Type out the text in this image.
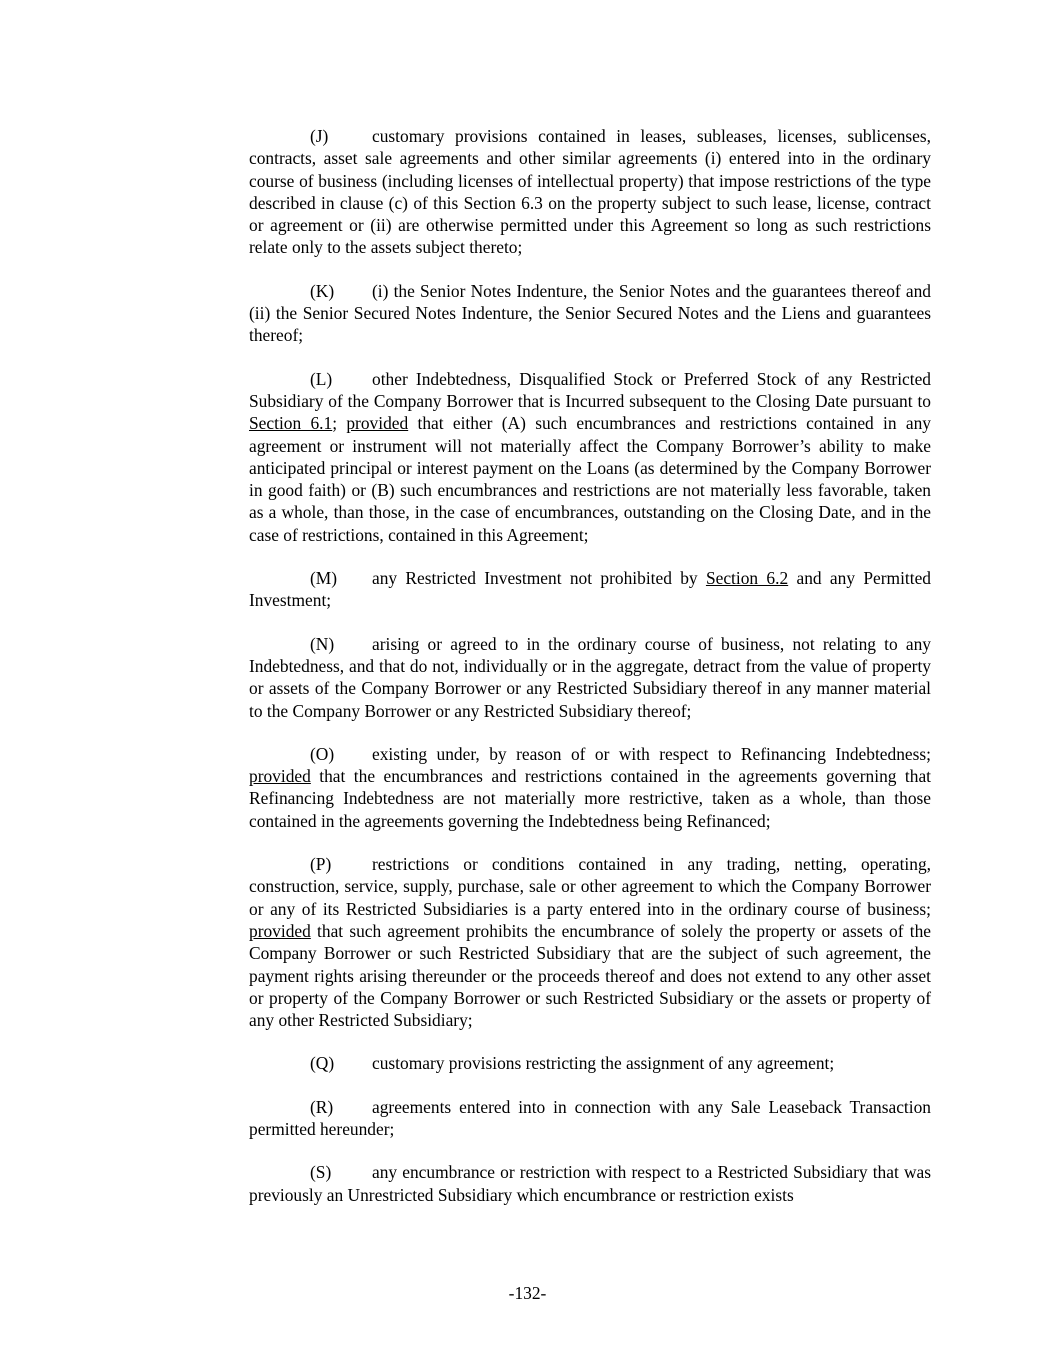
(J)	customary provisions contained in leases, subleases, licenses, sublicenses, contracts, asset sale agreements and other similar agreements (i) entered into in the ordinary course of business (including licenses of intellectual property) that impose restrictions of the type described in clause (c) of this Section 6.3 on the property subject to such lease, license, contract or agreement or (ii) are otherwise permitted under this Agreement so long as such restrictions relate only to the assets subject thereto;

(K) (i) the Senior Notes Indenture, the Senior Notes and the guarantees thereof and (ii) the Senior Secured Notes Indenture, the Senior Secured Notes and the Liens and guarantees thereof;

(L) other Indebtedness, Disqualified Stock or Preferred Stock of any Restricted Subsidiary of the Company Borrower that is Incurred subsequent to the Closing Date pursuant to Section 6.1; provided that either (A) such encumbrances and restrictions contained in any agreement or instrument will not materially affect the Company Borrower’s ability to make anticipated principal or interest payment on the Loans (as determined by the Company Borrower in good faith) or (B) such encumbrances and restrictions are not materially less favorable, taken as a whole, than those, in the case of encumbrances, outstanding on the Closing Date, and in the case of restrictions, contained in this Agreement;

(M) any Restricted Investment not prohibited by Section 6.2 and any Permitted Investment;

(N) arising or agreed to in the ordinary course of business, not relating to any Indebtedness, and that do not, individually or in the aggregate, detract from the value of property or assets of the Company Borrower or any Restricted Subsidiary thereof in any manner material to the Company Borrower or any Restricted Subsidiary thereof;

(O) existing under, by reason of or with respect to Refinancing Indebtedness; provided that the encumbrances and restrictions contained in the agreements governing that Refinancing Indebtedness are not materially more restrictive, taken as a whole, than those contained in the agreements governing the Indebtedness being Refinanced;

(P) restrictions or conditions contained in any trading, netting, operating, construction, service, supply, purchase, sale or other agreement to which the Company Borrower or any of its Restricted Subsidiaries is a party entered into in the ordinary course of business; provided that such agreement prohibits the encumbrance of solely the property or assets of the Company Borrower or such Restricted Subsidiary that are the subject of such agreement, the payment rights arising thereunder or the proceeds thereof and does not extend to any other asset or property of the Company Borrower or such Restricted Subsidiary or the assets or property of any other Restricted Subsidiary;

(Q) customary provisions restricting the assignment of any agreement;

(R) agreements entered into in connection with any Sale Leaseback Transaction permitted hereunder;

(S) any encumbrance or restriction with respect to a Restricted Subsidiary that was previously an Unrestricted Subsidiary which encumbrance or restriction exists

-132-
